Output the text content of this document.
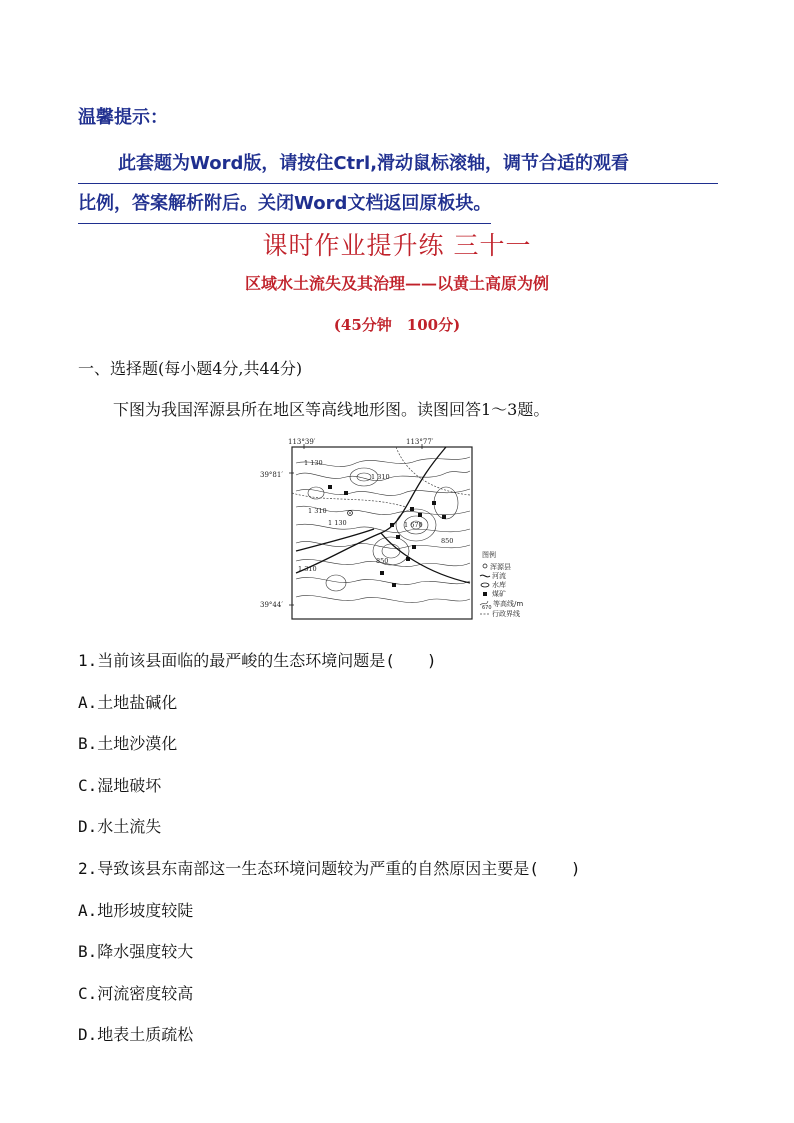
温馨提示：
此套题为Word版，请按住Ctrl,滑动鼠标滚轴，调节合适的观看
比例，答案解析附后。关闭Word文档返回原板块。
课时作业提升练 三十一
区域水土流失及其治理——以黄土高原为例
(45分钟　100分)
一、选择题(每小题4分,共44分)
下图为我国浑源县所在地区等高线地形图。读图回答1～3题。
113°39′	113°77′
39°81′
39°44′
1 130
1 310
1 310
1 130	1 670
850
850
1 310
图例
浑源县
河流
水库
煤矿
670 等高线/m
行政界线
1.当前该县面临的最严峻的生态环境问题是(　　)
A.土地盐碱化
B.土地沙漠化
C.湿地破坏
D.水土流失
2.导致该县东南部这一生态环境问题较为严重的自然原因主要是(　　)
A.地形坡度较陡
B.降水强度较大
C.河流密度较高
D.地表土质疏松
